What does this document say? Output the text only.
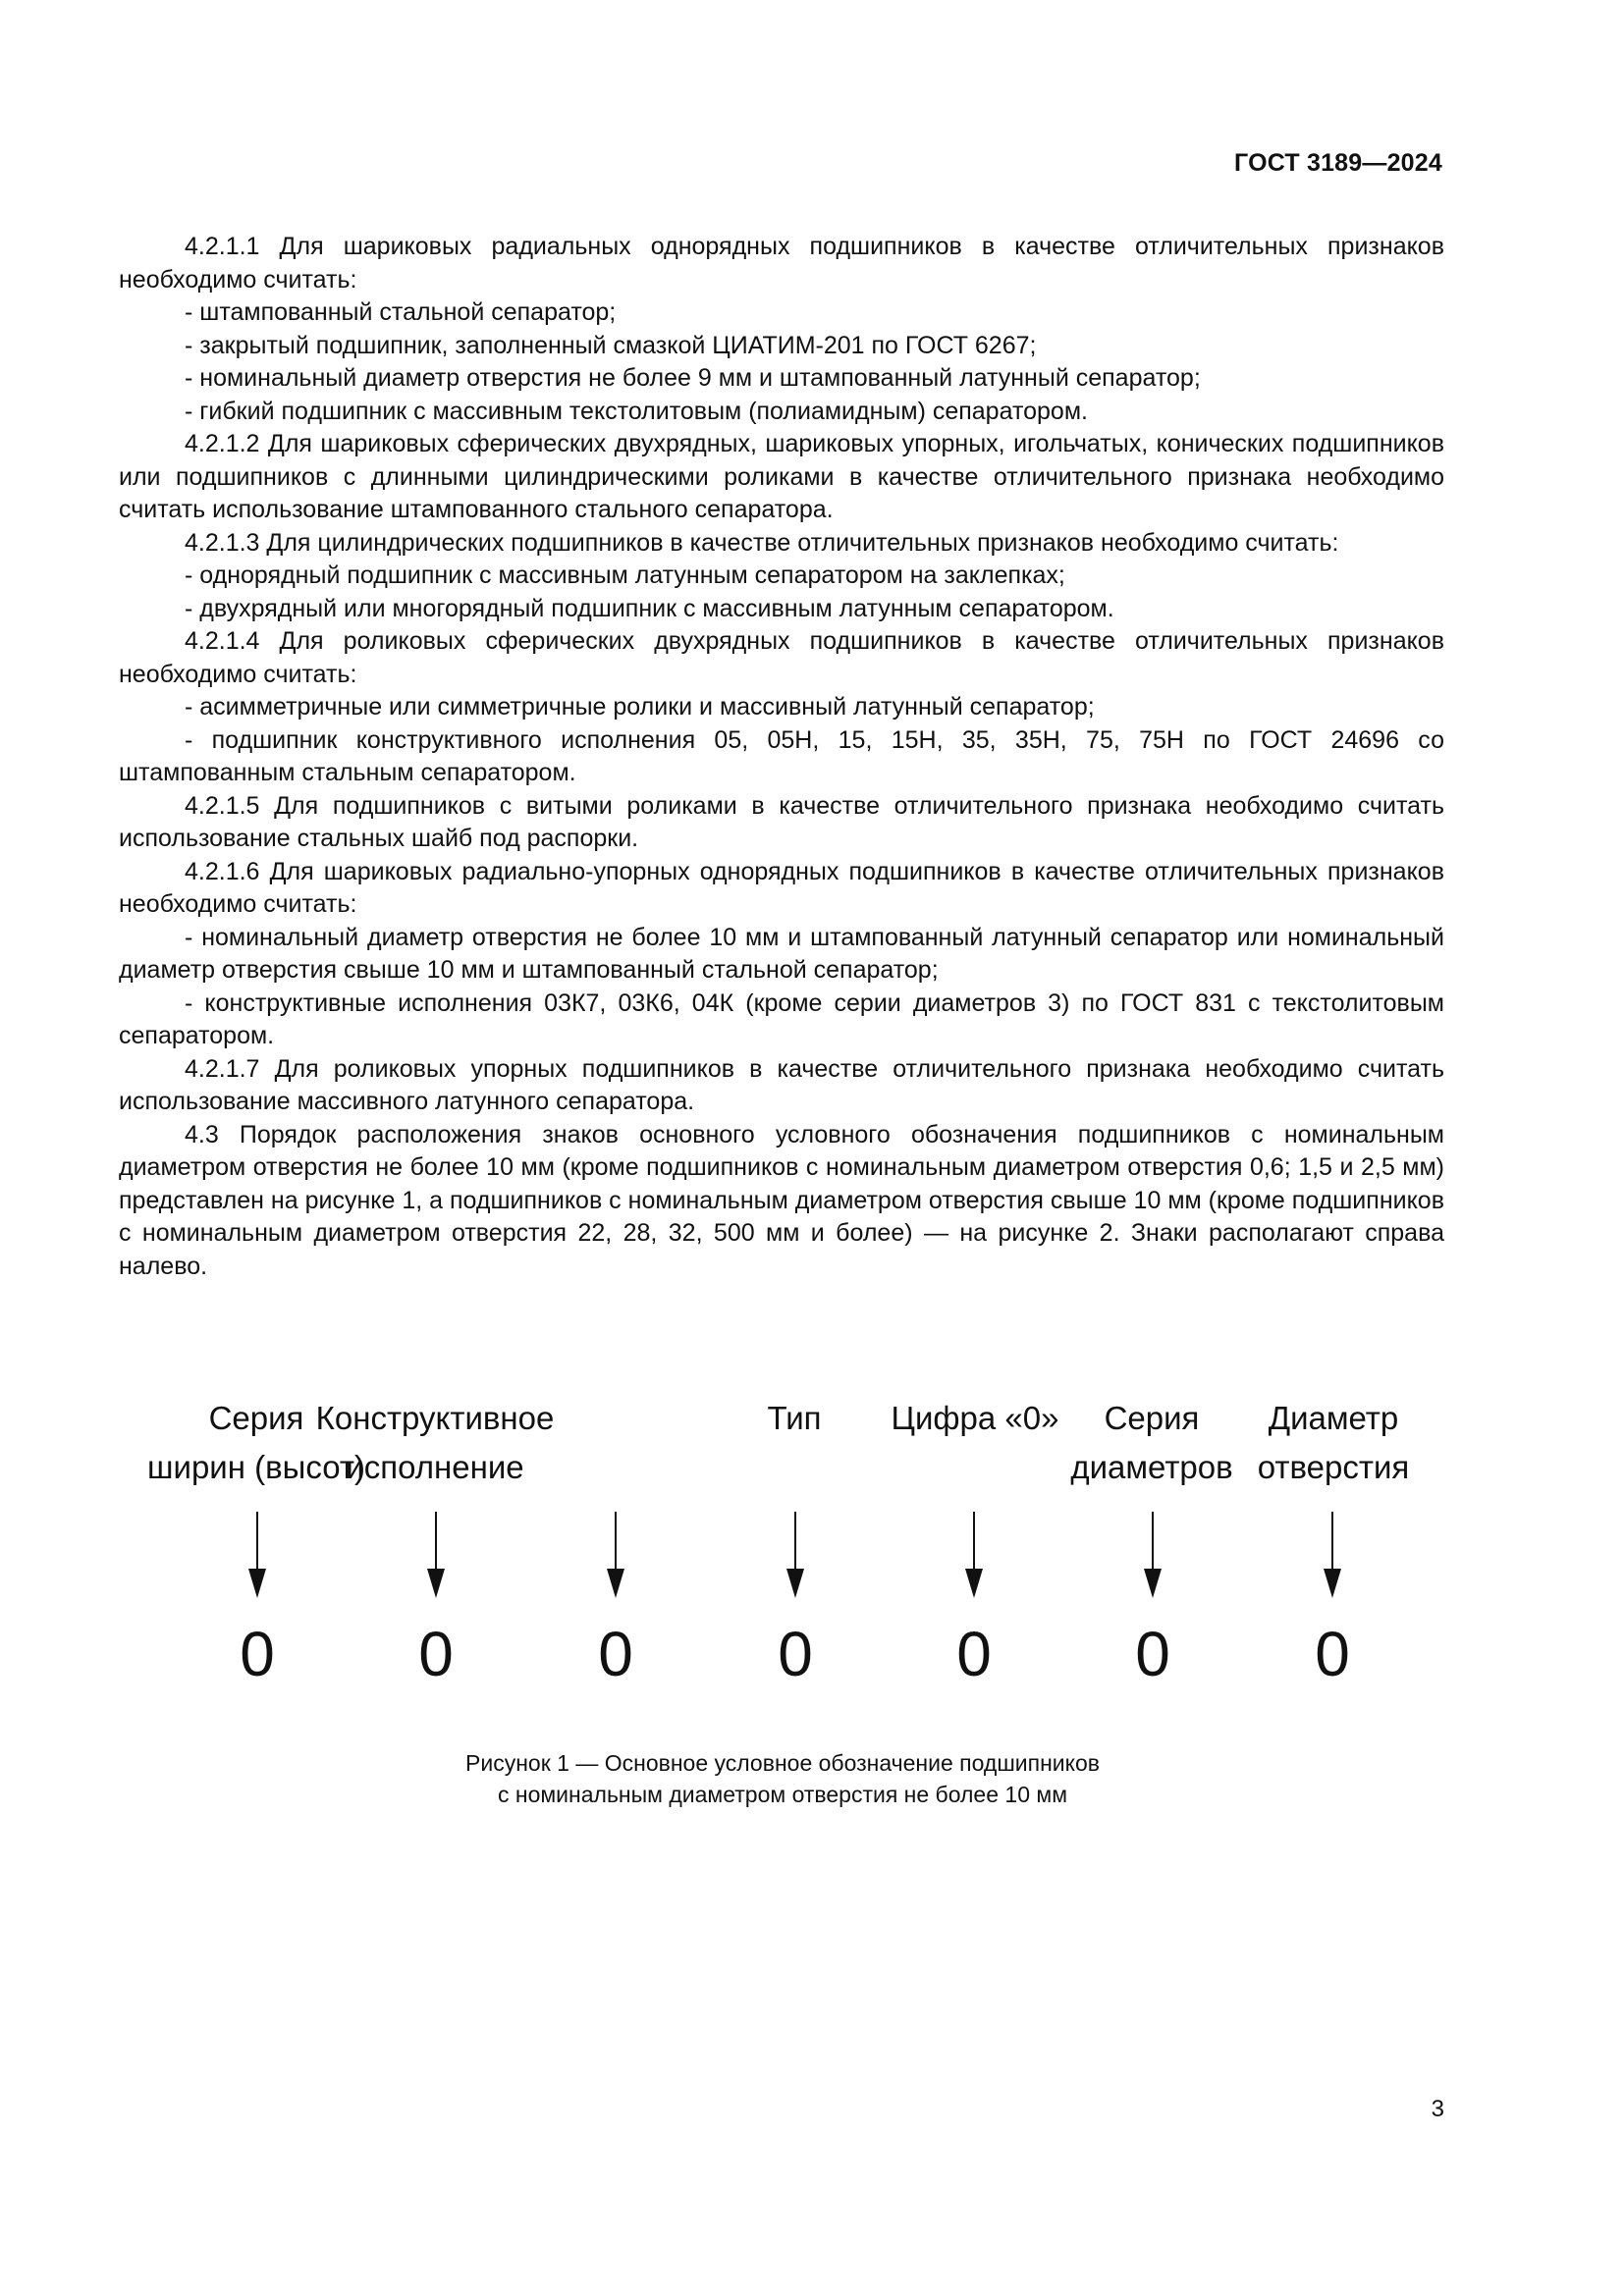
ГОСТ 3189—2024

4.2.1.1 Для шариковых радиальных однорядных подшипников в качестве отличительных признаков необходимо считать:

- штампованный стальной сепаратор;

- закрытый подшипник, заполненный смазкой ЦИАТИМ-201 по ГОСТ 6267;

- номинальный диаметр отверстия не более 9 мм и штампованный латунный сепаратор;

- гибкий подшипник с массивным текстолитовым (полиамидным) сепаратором.

4.2.1.2 Для шариковых сферических двухрядных, шариковых упорных, игольчатых, конических подшипников или подшипников с длинными цилиндрическими роликами в качестве отличительного признака необходимо считать использование штампованного стального сепаратора.

4.2.1.3 Для цилиндрических подшипников в качестве отличительных признаков необходимо считать:

- однорядный подшипник с массивным латунным сепаратором на заклепках;

- двухрядный или многорядный подшипник с массивным латунным сепаратором.

4.2.1.4 Для роликовых сферических двухрядных подшипников в качестве отличительных признаков необходимо считать:

- асимметричные или симметричные ролики и массивный латунный сепаратор;

- подшипник конструктивного исполнения 05, 05Н, 15, 15Н, 35, 35Н, 75, 75Н по ГОСТ 24696 со штампованным стальным сепаратором.

4.2.1.5 Для подшипников с витыми роликами в качестве отличительного признака необходимо считать использование стальных шайб под распорки.

4.2.1.6 Для шариковых радиально-упорных однорядных подшипников в качестве отличительных признаков необходимо считать:

- номинальный диаметр отверстия не более 10 мм и штампованный латунный сепаратор или номинальный диаметр отверстия свыше 10 мм и штампованный стальной сепаратор;

- конструктивные исполнения 03К7, 03К6, 04К (кроме серии диаметров 3) по ГОСТ 831 с текстолитовым сепаратором.

4.2.1.7 Для роликовых упорных подшипников в качестве отличительного признака необходимо считать использование массивного латунного сепаратора.

4.3 Порядок расположения знаков основного условного обозначения подшипников с номинальным диаметром отверстия не более 10 мм (кроме подшипников с номинальным диаметром отверстия 0,6; 1,5 и 2,5 мм) представлен на рисунке 1, а подшипников с номинальным диаметром отверстия свыше 10 мм (кроме подшипников с номинальным диаметром отверстия 22, 28, 32, 500 мм и более) — на рисунке 2. Знаки располагают справа налево.

Серия
ширин (высот)
Конструктивное
исполнение
Тип Цифра «0»	Серия
диаметров
Диаметр
отверстия
0 0 0 0 0 0 0
Рисунок 1 — Основное условное обозначение подшипников
с номинальным диаметром отверстия не более 10 мм
3
